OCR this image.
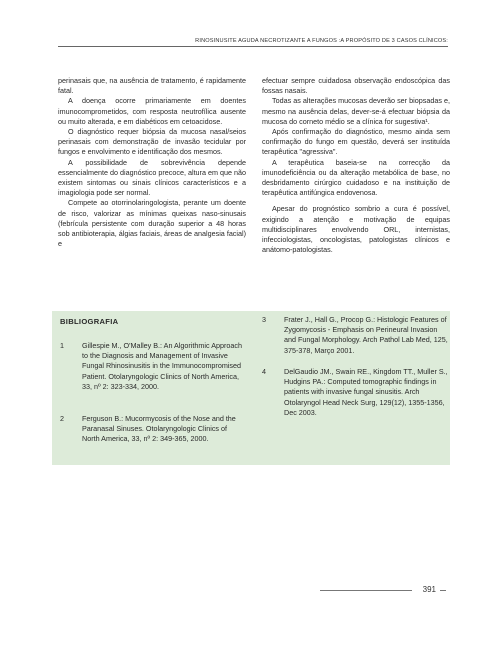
RINOSINUSITE AGUDA NECROTIZANTE A FUNGOS :A PROPÓSITO DE 3 CASOS CLÍNICOS:

perinasais que, na ausência de tratamento, é rapidamente fatal.

A doença ocorre primariamente em doentes imunocomprometidos, com resposta neutrofílica ausente ou muito alterada, e em diabéticos em cetoacidose.

O diagnóstico requer biópsia da mucosa nasal/seios perinasais com demonstração de invasão tecidular por fungos e envolvimento e identificação dos mesmos.

A possibilidade de sobrevivência depende essencialmente do diagnóstico precoce, altura em que não existem sintomas ou sinais clínicos característicos e a imagiologia pode ser normal.

Compete ao otorrinolaringologista, perante um doente de risco, valorizar as mínimas queixas naso-sinusais (febrícula persistente com duração superior a 48 horas sob antibioterapia, álgias faciais, áreas de analgesia facial) e

efectuar sempre cuidadosa observação endoscópica das fossas nasais.

Todas as alterações mucosas deverão ser biopsadas e, mesmo na ausência delas, dever-se-á efectuar biópsia da mucosa do corneto médio se a clínica for sugestiva¹.

Após confirmação do diagnóstico, mesmo ainda sem confirmação do fungo em questão, deverá ser instituída terapêutica "agressiva".

A terapêutica baseia-se na correcção da imunodeficiência ou da alteração metabólica de base, no desbridamento cirúrgico cuidadoso e na instituição de terapêutica antifúngica endovenosa.

Apesar do prognóstico sombrio a cura é possível, exigindo a atenção e motivação de equipas multidisciplinares envolvendo ORL, internistas, infecciologistas, oncologistas, patologistas clínicos e anátomo-patologistas.

BIBLIOGRAFIA
1	Gillespie M., O'Malley B.: An Algorithmic Approach to the Diagnosis and Management of Invasive Fungal Rhinosinusitis in the Immunocompromised Patient. Otolaryngologic Clinics of North America, 33, nº 2: 323-334, 2000.
2	Ferguson B.: Mucormycosis of the Nose and the Paranasal Sinuses. Otolaryngologic Clinics of North America, 33, nº 2: 349-365, 2000.
3	Frater J., Hall G., Procop G.: Histologic Features of Zygomycosis - Emphasis on Perineural Invasion and Fungal Morphology. Arch Pathol Lab Med, 125, 375-378, Março 2001.
4	DelGaudio JM., Swain RE., Kingdom TT., Muller S., Hudgins PA.: Computed tomographic findings in patients with invasive fungal sinusitis. Arch Otolaryngol Head Neck Surg, 129(12), 1355-1356, Dec 2003.
391
